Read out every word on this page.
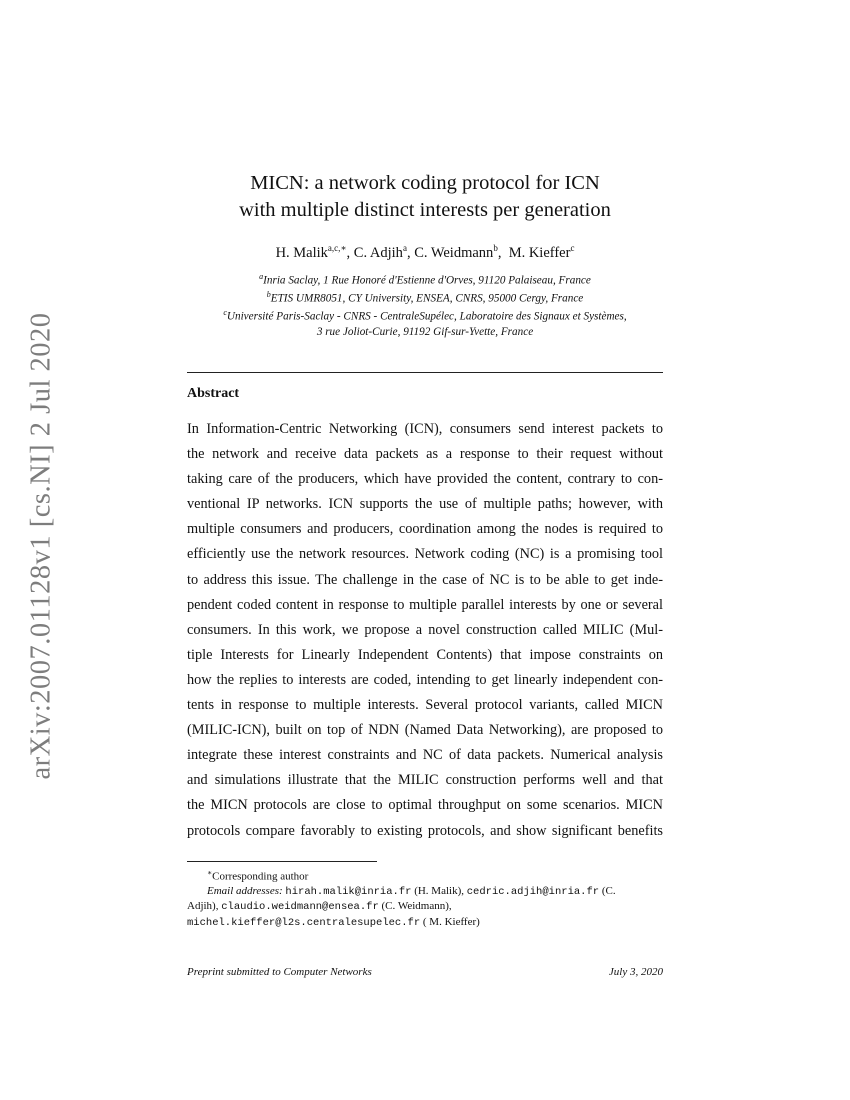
arXiv:2007.01128v1 [cs.NI] 2 Jul 2020
MICN: a network coding protocol for ICN
with multiple distinct interests per generation
H. Malik$^{a,c,∗}$, C. Adjih$^a$, C. Weidmann$^b$,  M. Kieffer$^c$
$^a$Inria Saclay, 1 Rue Honoré d'Estienne d'Orves, 91120 Palaiseau, France
$^b$ETIS UMR8051, CY University, ENSEA, CNRS, 95000 Cergy, France
$^c$Université Paris-Saclay - CNRS - CentraleSupélec, Laboratoire des Signaux et Systèmes,
3 rue Joliot-Curie, 91192 Gif-sur-Yvette, France
Abstract
In Information-Centric Networking (ICN), consumers send interest packets to
the network and receive data packets as a response to their request without
taking care of the producers, which have provided the content, contrary to con-
ventional IP networks. ICN supports the use of multiple paths; however, with
multiple consumers and producers, coordination among the nodes is required to
efficiently use the network resources. Network coding (NC) is a promising tool
to address this issue. The challenge in the case of NC is to be able to get inde-
pendent coded content in response to multiple parallel interests by one or several
consumers. In this work, we propose a novel construction called MILIC (Mul-
tiple Interests for Linearly Independent Contents) that impose constraints on
how the replies to interests are coded, intending to get linearly independent con-
tents in response to multiple interests. Several protocol variants, called MICN
(MILIC-ICN), built on top of NDN (Named Data Networking), are proposed to
integrate these interest constraints and NC of data packets. Numerical analysis
and simulations illustrate that the MILIC construction performs well and that
the MICN protocols are close to optimal throughput on some scenarios. MICN
protocols compare favorably to existing protocols, and show significant benefits
∗Corresponding author
Email addresses: hirah.malik@inria.fr (H. Malik), cedric.adjih@inria.fr (C.
Adjih), claudio.weidmann@ensea.fr (C. Weidmann),
michel.kieffer@l2s.centralesupelec.fr ( M. Kieffer)
Preprint submitted to Computer Networks	July 3, 2020
